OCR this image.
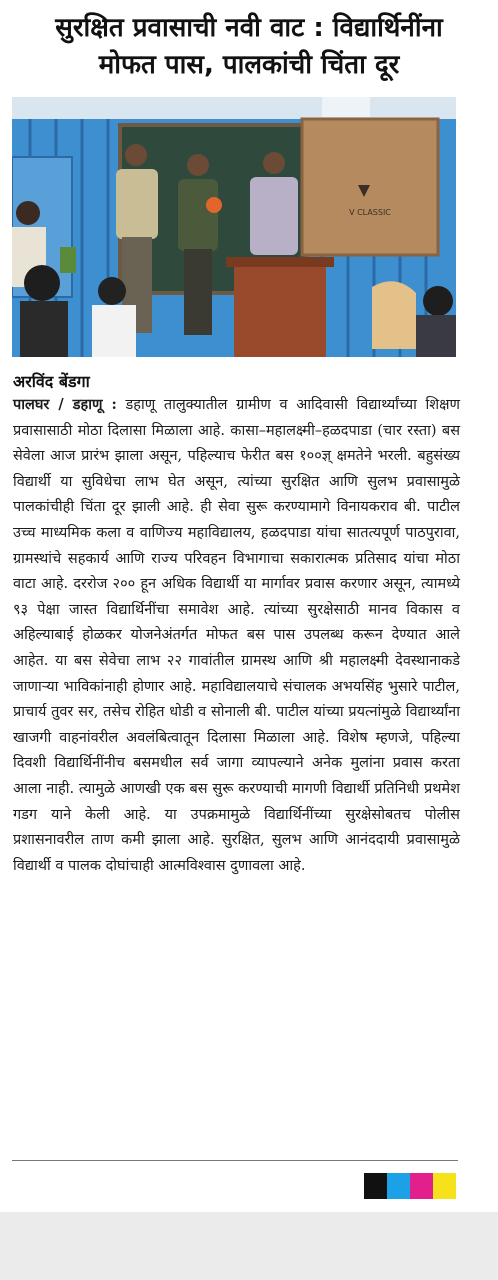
सुरक्षित प्रवासाची नवी वाट : विद्यार्थिनींना
मोफत पास, पालकांची चिंता दूर
V CLASSIC
अरविंद बेंडगा
पालघर / डहाणू : डहाणू तालुक्यातील ग्रामीण व आदिवासी विद्यार्थ्यांच्या शिक्षण प्रवासासाठी मोठा दिलासा मिळाला आहे. कासा–महालक्ष्मी–हळदपाडा (चार रस्ता) बस सेवेला आज प्रारंभ झाला असून, पहिल्याच फेरीत बस १००ज्ञ् क्षमतेने भरली. बहुसंख्य विद्यार्थी या सुविधेचा लाभ घेत असून, त्यांच्या सुरक्षित आणि सुलभ प्रवासामुळे पालकांचीही चिंता दूर झाली आहे. ही सेवा सुरू करण्यामागे विनायकराव बी. पाटील उच्च माध्यमिक कला व वाणिज्य महाविद्यालय, हळदपाडा यांचा सातत्यपूर्ण पाठपुरावा, ग्रामस्थांचे सहकार्य आणि राज्य परिवहन विभागाचा सकारात्मक प्रतिसाद यांचा मोठा वाटा आहे. दररोज २०० हून अधिक विद्यार्थी या मार्गावर प्रवास करणार असून, त्यामध्ये ९३ पेक्षा जास्त विद्यार्थिनींचा समावेश आहे. त्यांच्या सुरक्षेसाठी मानव विकास व अहिल्याबाई होळकर योजनेअंतर्गत मोफत बस पास उपलब्ध करून देण्यात आले आहेत. या बस सेवेचा लाभ २२ गावांतील ग्रामस्थ आणि श्री महालक्ष्मी देवस्थानाकडे जाणाऱ्या भाविकांनाही होणार आहे. महाविद्यालयाचे संचालक अभयसिंह भुसारे पाटील, प्राचार्य तुवर सर, तसेच रोहित धोडी व सोनाली बी. पाटील यांच्या प्रयत्नांमुळे विद्यार्थ्यांना खाजगी वाहनांवरील अवलंबित्वातून दिलासा मिळाला आहे. विशेष म्हणजे, पहिल्या दिवशी विद्यार्थिनींनीच बसमधील सर्व जागा व्यापल्याने अनेक मुलांना प्रवास करता आला नाही. त्यामुळे आणखी एक बस सुरू करण्याची मागणी विद्यार्थी प्रतिनिधी प्रथमेश गडग याने केली आहे. या उपक्रमामुळे विद्यार्थिनींच्या सुरक्षेसोबतच पोलीस प्रशासनावरील ताण कमी झाला आहे. सुरक्षित, सुलभ आणि आनंददायी प्रवासामुळे विद्यार्थी व पालक दोघांचाही आत्मविश्वास दुणावला आहे.
